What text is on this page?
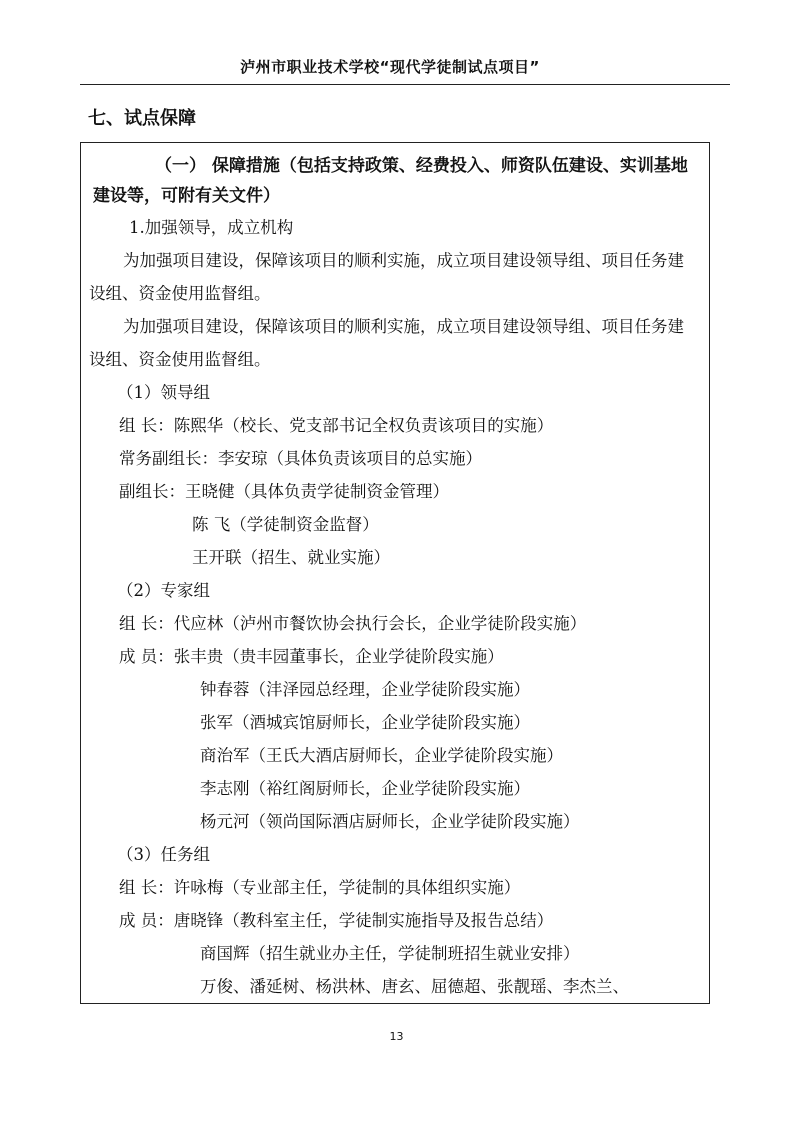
泸州市职业技术学校“现代学徒制试点项目”
七、试点保障

（一） 保障措施（包括支持政策、经费投入、师资队伍建设、实训基地建设等，可附有关文件）

1.加强领导，成立机构
为加强项目建设，保障该项目的顺利实施，成立项目建设领导组、项目任务建设组、资金使用监督组。
为加强项目建设，保障该项目的顺利实施，成立项目建设领导组、项目任务建设组、资金使用监督组。
（1）领导组
组 长：陈熙华（校长、党支部书记全权负责该项目的实施）
常务副组长：李安琼（具体负责该项目的总实施）
副组长：王晓健（具体负责学徒制资金管理）
陈 飞（学徒制资金监督）
王开联（招生、就业实施）
（2）专家组
组 长：代应林（泸州市餐饮协会执行会长，企业学徒阶段实施）
成 员：张丰贵（贵丰园董事长，企业学徒阶段实施）
钟春蓉（沣泽园总经理，企业学徒阶段实施）
张军（酒城宾馆厨师长，企业学徒阶段实施）
商治军（王氏大酒店厨师长，企业学徒阶段实施）
李志刚（裕红阁厨师长，企业学徒阶段实施）
杨元河（领尚国际酒店厨师长，企业学徒阶段实施）
（3）任务组
组 长：许咏梅（专业部主任，学徒制的具体组织实施）
成 员：唐晓锋（教科室主任，学徒制实施指导及报告总结）
商国辉（招生就业办主任，学徒制班招生就业安排）
万俊、潘延树、杨洪林、唐玄、屈德超、张靓瑶、李杰兰、
13
